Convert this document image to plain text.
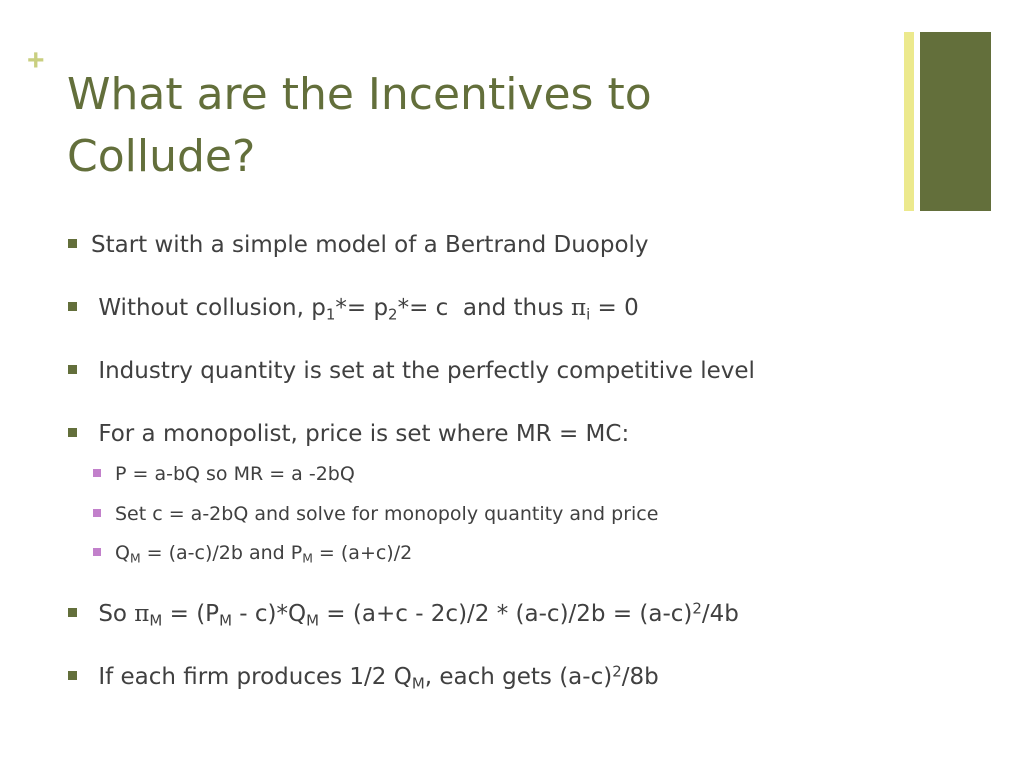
+
What are the Incentives to
Collude?
Start with a simple model of a Bertrand Duopoly
Without collusion, $p_1*= p_2*= c$  and thus $\pi_i = 0$
Industry quantity is set at the perfectly competitive level
For a monopolist, price is set where MR = MC:
P = a-bQ so MR = a -2bQ
Set c = a-2bQ and solve for monopoly quantity and price
$Q_M = (a-c)/2b$ and $P_M = (a+c)/2$
So $\pi_M = (P_M - c)*Q_M = (a+c - 2c)/2 * (a-c)/2b = (a-c)^2/4b$
If each firm produces 1/2 $Q_M$, each gets $(a-c)^2/8b$
